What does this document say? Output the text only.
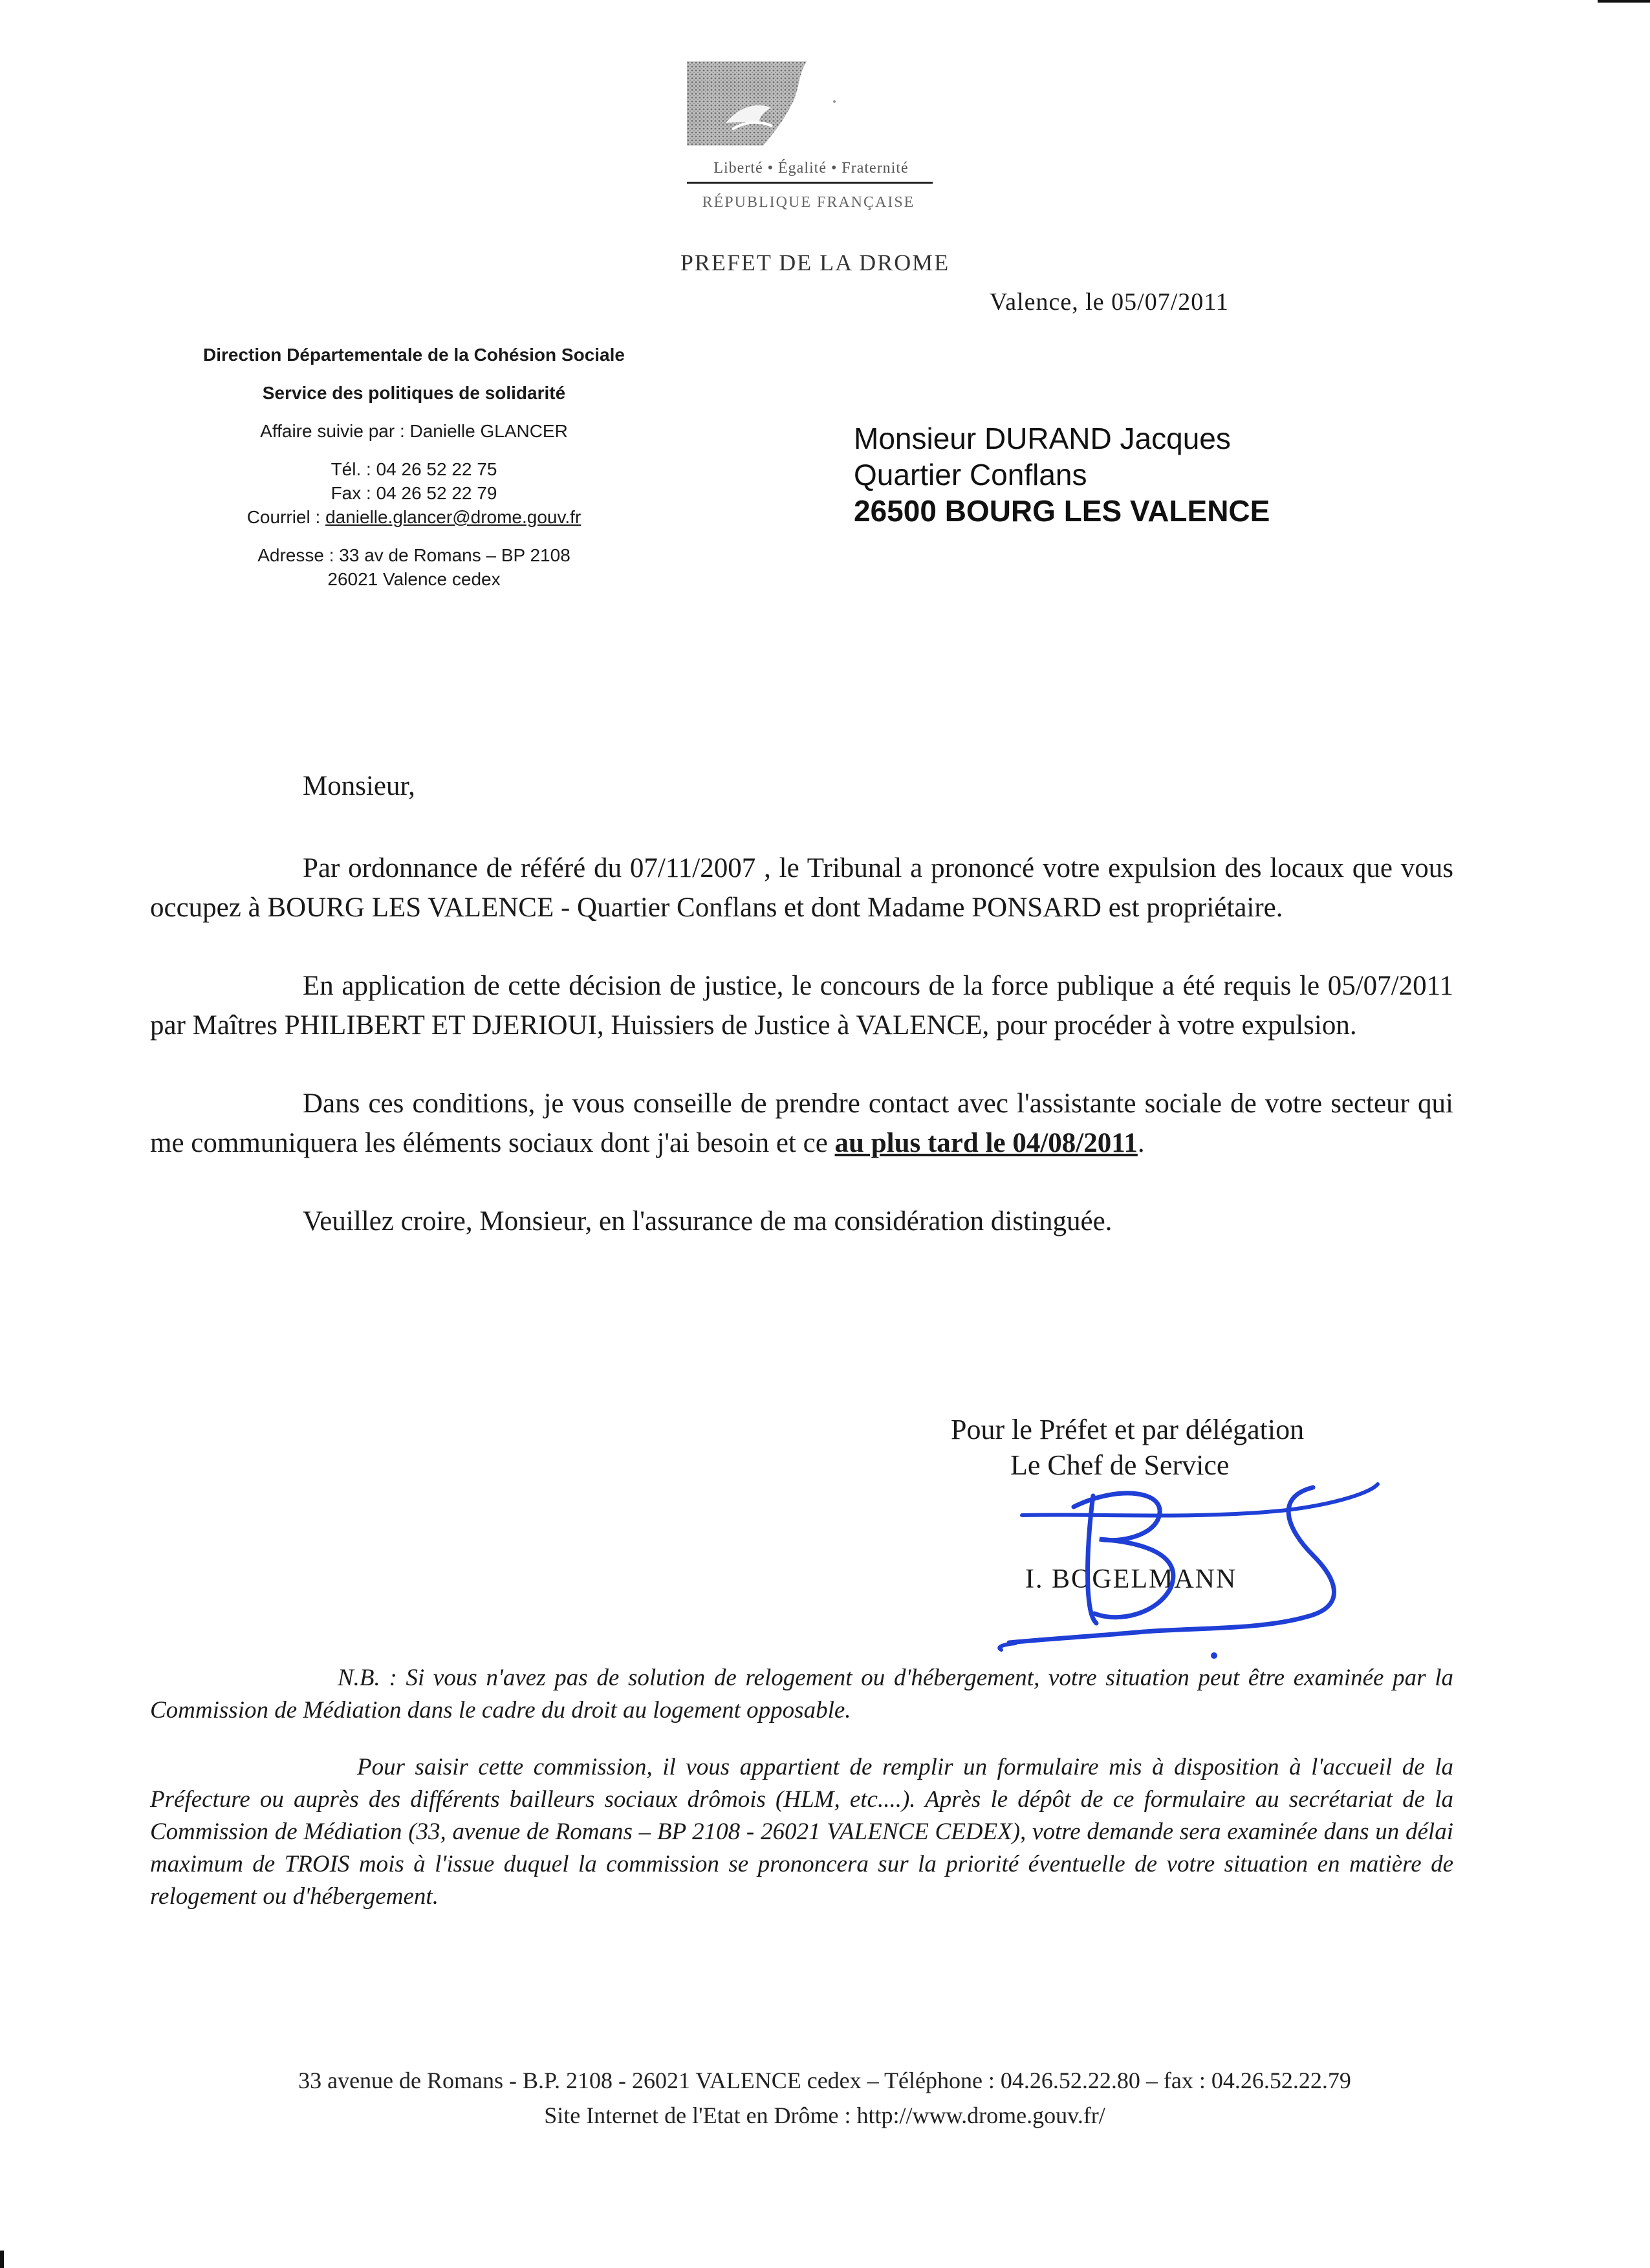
Liberté • Égalité • Fraternité
RÉPUBLIQUE FRANÇAISE
PREFET DE LA DROME
Valence, le 05/07/2011
Direction Départementale de la Cohésion Sociale
Service des politiques de solidarité
Affaire suivie par : Danielle GLANCER
Tél. : 04 26 52 22 75
Fax : 04 26 52 22 79
Courriel : danielle.glancer@drome.gouv.fr
Adresse : 33 av de Romans – BP 2108
26021 Valence cedex
Monsieur DURAND Jacques
Quartier Conflans
26500 BOURG LES VALENCE

Monsieur,

Par ordonnance de référé du 07/11/2007 , le Tribunal a prononcé votre expulsion des locaux que vous occupez à BOURG LES VALENCE - Quartier Conflans et dont Madame PONSARD est propriétaire.

En application de cette décision de justice, le concours de la force publique a été requis le 05/07/2011 par Maîtres PHILIBERT ET DJERIOUI, Huissiers de Justice à VALENCE, pour procéder à votre expulsion.

Dans ces conditions, je vous conseille de prendre contact avec l'assistante sociale de votre secteur qui me communiquera les éléments sociaux dont j'ai besoin et ce au plus tard le 04/08/2011.

Veuillez croire, Monsieur, en l'assurance de ma considération distinguée.

Pour le Préfet et par délégation
Le Chef de Service
I. BOGELMANN

N.B. : Si vous n'avez pas de solution de relogement ou d'hébergement, votre situation peut être examinée par la Commission de Médiation dans le cadre du droit au logement opposable.

Pour saisir cette commission, il vous appartient de remplir un formulaire mis à disposition à l'accueil de la Préfecture ou auprès des différents bailleurs sociaux drômois (HLM, etc....). Après le dépôt de ce formulaire au secrétariat de la Commission de Médiation (33, avenue de Romans – BP 2108 - 26021 VALENCE CEDEX), votre demande sera examinée dans un délai maximum de TROIS mois à l'issue duquel la commission se prononcera sur la priorité éventuelle de votre situation en matière de relogement ou d'hébergement.

33 avenue de Romans - B.P. 2108 - 26021 VALENCE cedex – Téléphone : 04.26.52.22.80 – fax : 04.26.52.22.79

Site Internet de l'Etat en Drôme : http://www.drome.gouv.fr/
